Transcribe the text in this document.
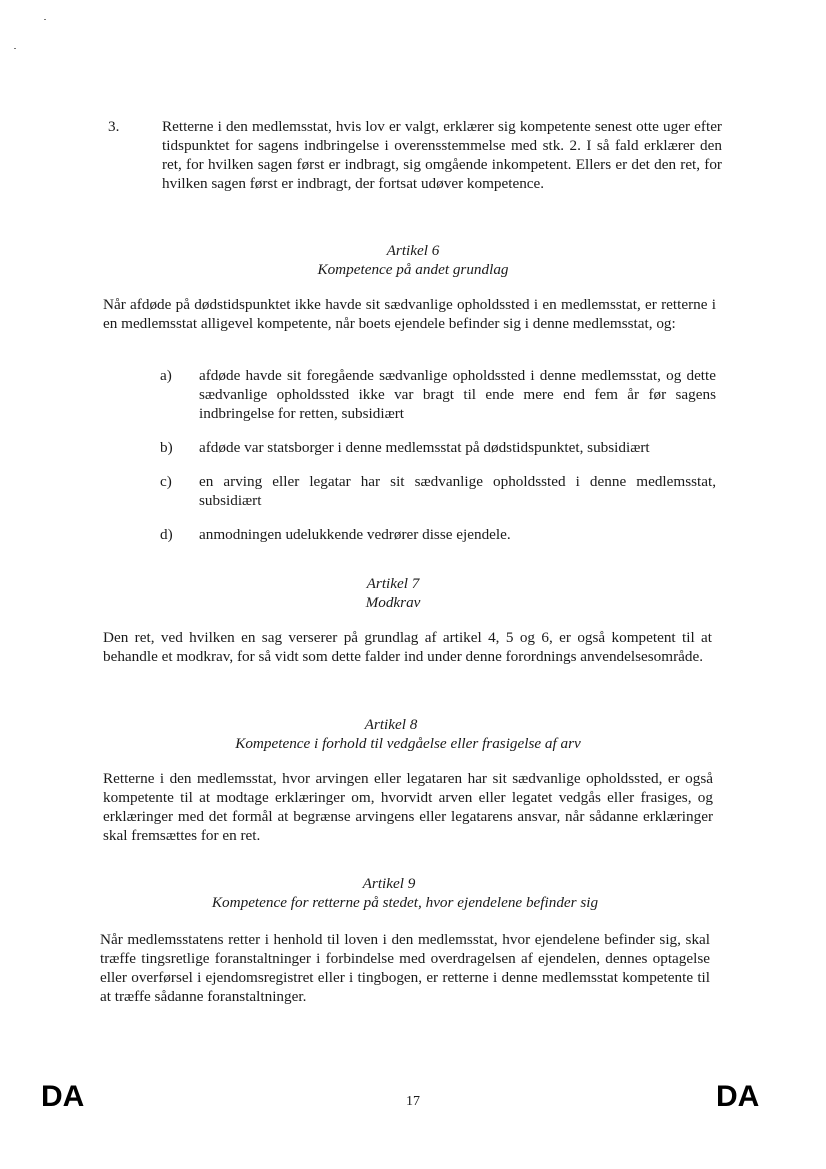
3.	Retterne i den medlemsstat, hvis lov er valgt, erklærer sig kompetente senest otte uger efter tidspunktet for sagens indbringelse i overensstemmelse med stk. 2. I så fald erklærer den ret, for hvilken sagen først er indbragt, sig omgående inkompetent. Ellers er det den ret, for hvilken sagen først er indbragt, der fortsat udøver kompetence.
Artikel 6
Kompetence på andet grundlag
Når afdøde på dødstidspunktet ikke havde sit sædvanlige opholdssted i en medlemsstat, er retterne i en medlemsstat alligevel kompetente, når boets ejendele befinder sig i denne medlemsstat, og:
a) afdøde havde sit foregående sædvanlige opholdssted i denne medlemsstat, og dette sædvanlige opholdssted ikke var bragt til ende mere end fem år før sagens indbringelse for retten, subsidiært
b) afdøde var statsborger i denne medlemsstat på dødstidspunktet, subsidiært
c) en arving eller legatar har sit sædvanlige opholdssted i denne medlemsstat, subsidiært
d) anmodningen udelukkende vedrører disse ejendele.
Artikel 7
Modkrav
Den ret, ved hvilken en sag verserer på grundlag af artikel 4, 5 og 6, er også kompetent til at behandle et modkrav, for så vidt som dette falder ind under denne forordnings anvendelsesområde.
Artikel 8
Kompetence i forhold til vedgåelse eller frasigelse af arv
Retterne i den medlemsstat, hvor arvingen eller legataren har sit sædvanlige opholdssted, er også kompetente til at modtage erklæringer om, hvorvidt arven eller legatet vedgås eller frasiges, og erklæringer med det formål at begrænse arvingens eller legatarens ansvar, når sådanne erklæringer skal fremsættes for en ret.
Artikel 9
Kompetence for retterne på stedet, hvor ejendelene befinder sig
Når medlemsstatens retter i henhold til loven i den medlemsstat, hvor ejendelene befinder sig, skal træffe tingsretlige foranstaltninger i forbindelse med overdragelsen af ejendelen, dennes optagelse eller overførsel i ejendomsregistret eller i tingbogen, er retterne i denne medlemsstat kompetente til at træffe sådanne foranstaltninger.
DA	17	DA
